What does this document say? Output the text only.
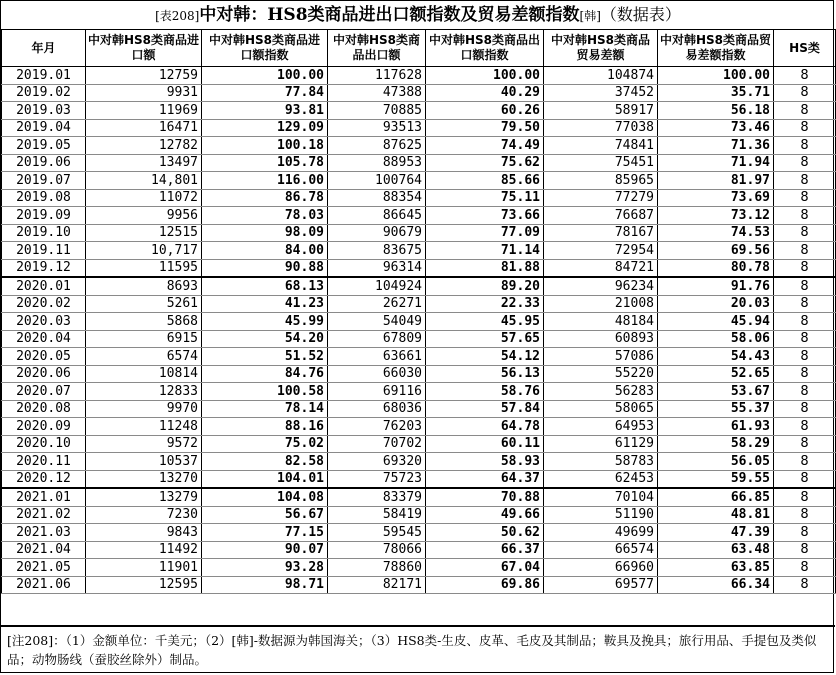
[表208]中对韩：HS8类商品进出口额指数及贸易差额指数[韩]（数据表）
年月	中对韩HS8类商品进口额	中对韩HS8类商品进口额指数	中对韩HS8类商品出口额	中对韩HS8类商品出口额指数	中对韩HS8类商品贸易差额	中对韩HS8类商品贸易差额指数	HS类
2019.01	12759	100.00	117628	100.00	104874	100.00	8
2019.02	9931	77.84	47388	40.29	37452	35.71	8
2019.03	11969	93.81	70885	60.26	58917	56.18	8
2019.04	16471	129.09	93513	79.50	77038	73.46	8
2019.05	12782	100.18	87625	74.49	74841	71.36	8
2019.06	13497	105.78	88953	75.62	75451	71.94	8
2019.07	14,801	116.00	100764	85.66	85965	81.97	8
2019.08	11072	86.78	88354	75.11	77279	73.69	8
2019.09	9956	78.03	86645	73.66	76687	73.12	8
2019.10	12515	98.09	90679	77.09	78167	74.53	8
2019.11	10,717	84.00	83675	71.14	72954	69.56	8
2019.12	11595	90.88	96314	81.88	84721	80.78	8
2020.01	8693	68.13	104924	89.20	96234	91.76	8
2020.02	5261	41.23	26271	22.33	21008	20.03	8
2020.03	5868	45.99	54049	45.95	48184	45.94	8
2020.04	6915	54.20	67809	57.65	60893	58.06	8
2020.05	6574	51.52	63661	54.12	57086	54.43	8
2020.06	10814	84.76	66030	56.13	55220	52.65	8
2020.07	12833	100.58	69116	58.76	56283	53.67	8
2020.08	9970	78.14	68036	57.84	58065	55.37	8
2020.09	11248	88.16	76203	64.78	64953	61.93	8
2020.10	9572	75.02	70702	60.11	61129	58.29	8
2020.11	10537	82.58	69320	58.93	58783	56.05	8
2020.12	13270	104.01	75723	64.37	62453	59.55	8
2021.01	13279	104.08	83379	70.88	70104	66.85	8
2021.02	7230	56.67	58419	49.66	51190	48.81	8
2021.03	9843	77.15	59545	50.62	49699	47.39	8
2021.04	11492	90.07	78066	66.37	66574	63.48	8
2021.05	11901	93.28	78860	67.04	66960	63.85	8
2021.06	12595	98.71	82171	69.86	69577	66.34	8
[注208]：（1）金额单位：千美元；（2）[韩]-数据源为韩国海关；（3）HS8类-生皮、皮革、毛皮及其制品；鞍具及挽具；旅行用品、手提包及类似品；动物肠线（蚕胶丝除外）制品。
